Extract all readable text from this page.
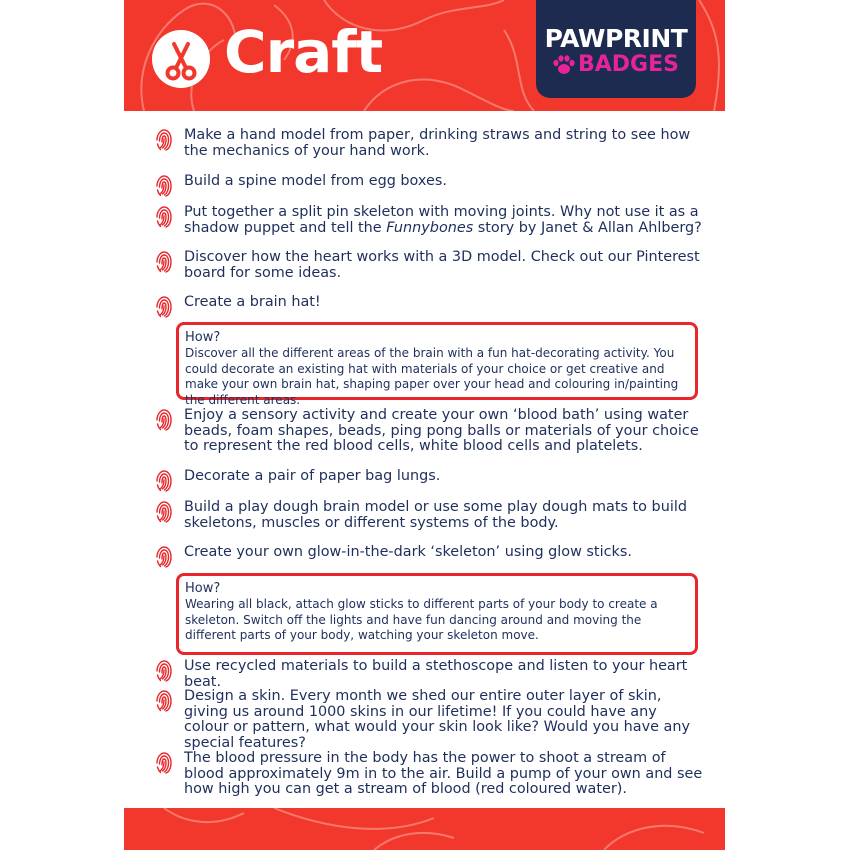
Craft	PAWPRINT
BADGES
Make a hand model from paper, drinking straws and string to see how the mechanics of your hand work.
Build a spine model from egg boxes.
Put together a split pin skeleton with moving joints. Why not use it as a shadow puppet and tell the Funnybones story by Janet & Allan Ahlberg?
Discover how the heart works with a 3D model. Check out our Pinterest board for some ideas.
Create a brain hat!
Enjoy a sensory activity and create your own ‘blood bath’ using water beads, foam shapes, beads, ping pong balls or materials of your choice to represent the red blood cells, white blood cells and platelets.
Decorate a pair of paper bag lungs.
Build a play dough brain model or use some play dough mats to build skeletons, muscles or different systems of the body.
Create your own glow-in-the-dark ‘skeleton’ using glow sticks.
Use recycled materials to build a stethoscope and listen to your heart beat.
Design a skin. Every month we shed our entire outer layer of skin, giving us around 1000 skins in our lifetime! If you could have any colour or pattern, what would your skin look like? Would you have any special features?
The blood pressure in the body has the power to shoot a stream of blood approximately 9m in to the air. Build a pump of your own and see how high you can get a stream of blood (red coloured water).
How?
Discover all the different areas of the brain with a fun hat-decorating activity. You could decorate an existing hat with materials of your choice or get creative and make your own brain hat, shaping paper over your head and colouring in/painting the different areas.
How?
Wearing all black, attach glow sticks to different parts of your body to create a skeleton. Switch off the lights and have fun dancing around and moving the different parts of your body, watching your skeleton move.
